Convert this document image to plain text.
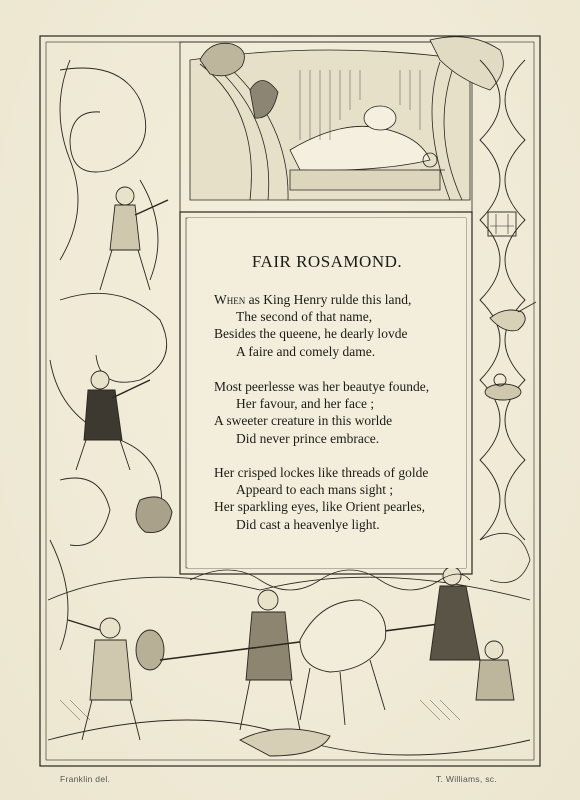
FAIR ROSAMOND.
When as King Henry rulde this land,
The second of that name,
Besides the queene, he dearly lovde
A faire and comely dame.
Most peerlesse was her beautye founde,
Her favour, and her face ;
A sweeter creature in this worlde
Did never prince embrace.
Her crisped lockes like threads of golde
Appeard to each mans sight ;
Her sparkling eyes, like Orient pearles,
Did cast a heavenlye light.
Franklin del.	T. Williams, sc.
